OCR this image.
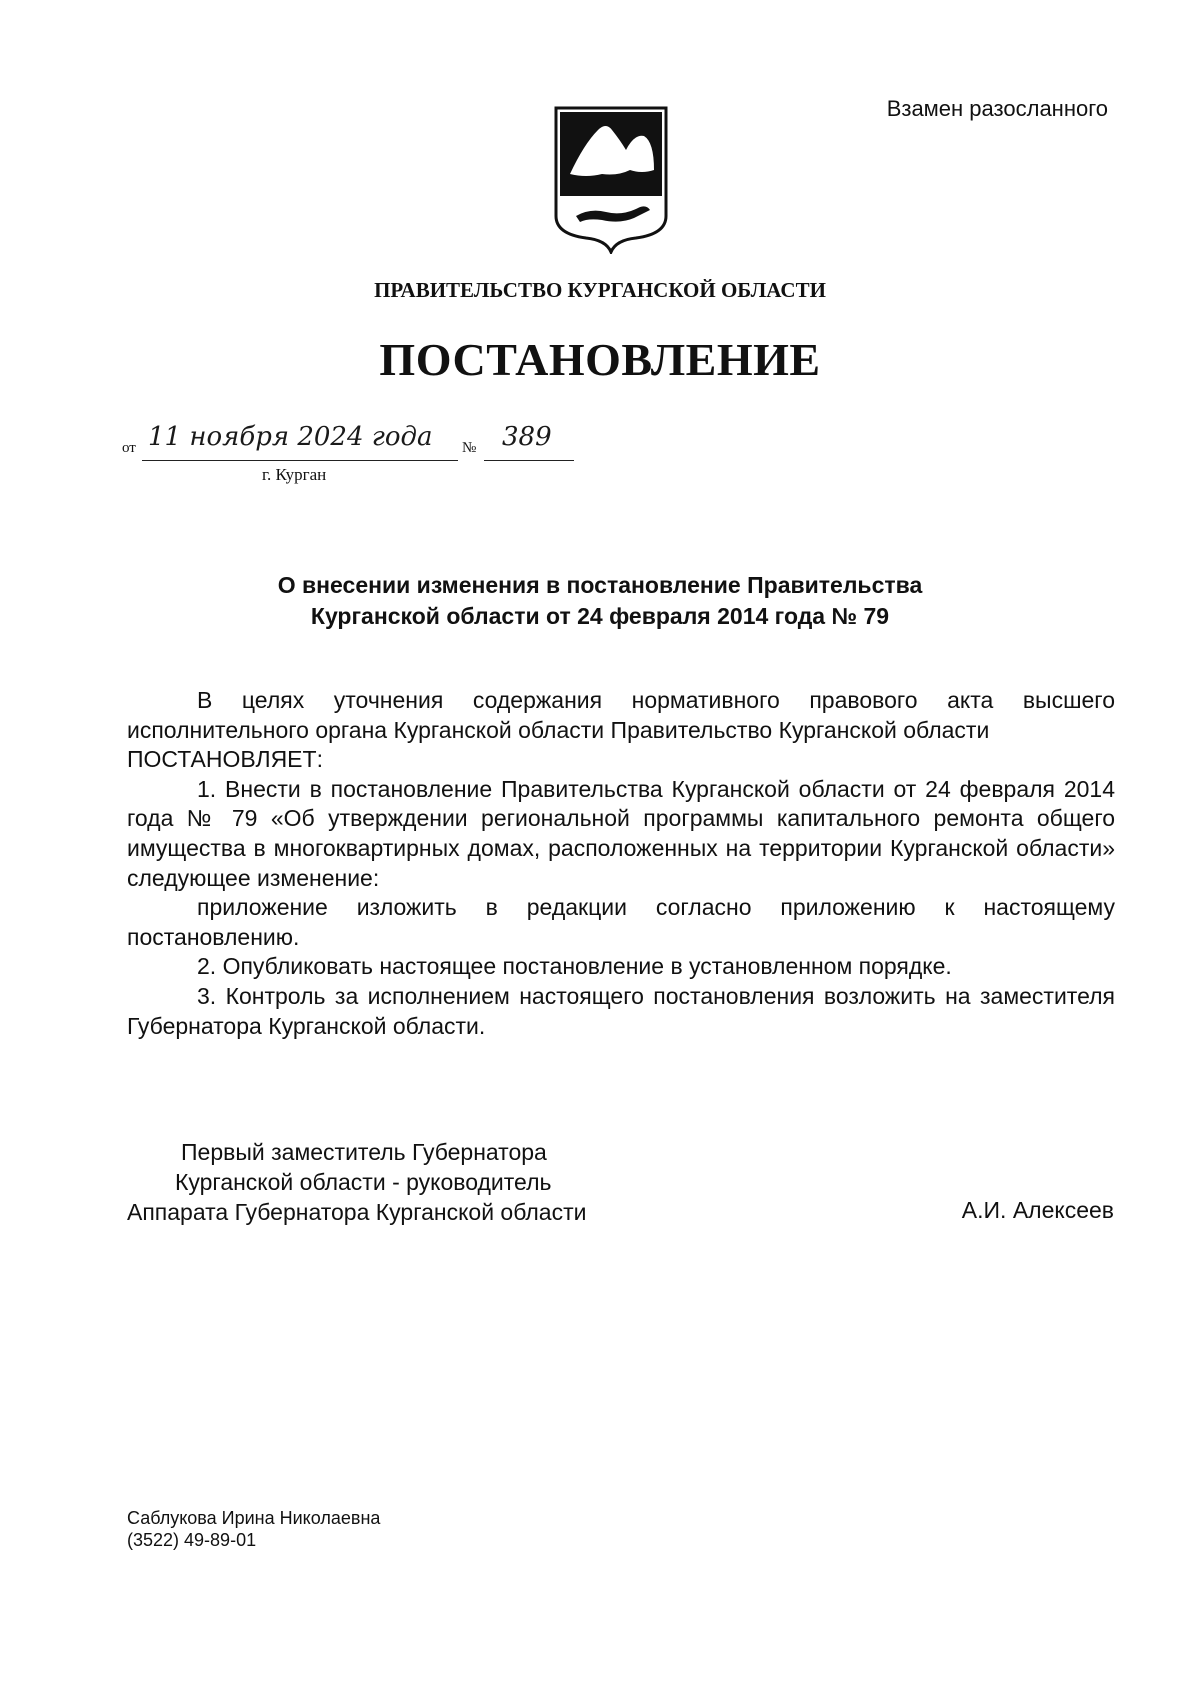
Взамен разосланного
ПРАВИТЕЛЬСТВО КУРГАНСКОЙ ОБЛАСТИ
ПОСТАНОВЛЕНИЕ
от 11 ноября 2024 года № 389
г. Курган
О внесении изменения в постановление Правительства
Курганской области от 24 февраля 2014 года № 79

В целях уточнения содержания нормативного правового акта высшего исполнительного органа Курганской области Правительство Курганской области

ПОСТАНОВЛЯЕТ:

1. Внести в постановление Правительства Курганской области от 24 февраля 2014 года № 79 «Об утверждении региональной программы капитального ремонта общего имущества в многоквартирных домах, расположенных на территории Курганской области» следующее изменение:

приложение изложить в редакции согласно приложению к настоящему постановлению.

2. Опубликовать настоящее постановление в установленном порядке.

3. Контроль за исполнением настоящего постановления возложить на заместителя Губернатора Курганской области.

Первый заместитель Губернатора
Курганской области - руководитель
Аппарата Губернатора Курганской области	А.И. Алексеев
Саблукова Ирина Николаевна
(3522) 49-89-01
